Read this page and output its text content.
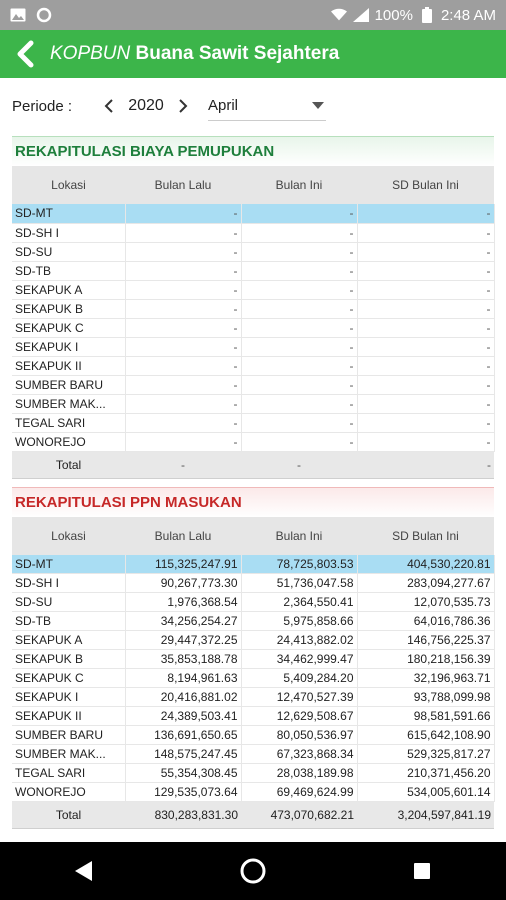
100% 2:48 AM
KOPBUN Buana Sawit Sejahtera
Periode :	2020	April
REKAPITULASI BIAYA PEMUPUKAN
Lokasi	Bulan Lalu	Bulan Ini	SD Bulan Ini
SD-MT	-	-	-
SD-SH I	-	-	-
SD-SU	-	-	-
SD-TB	-	-	-
SEKAPUK A	-	-	-
SEKAPUK B	-	-	-
SEKAPUK C	-	-	-
SEKAPUK I	-	-	-
SEKAPUK II	-	-	-
SUMBER BARU	-	-	-
SUMBER MAK...	-	-	-
TEGAL SARI	-	-	-
WONOREJO	-	-	-
Total	-	-	-
REKAPITULASI PPN MASUKAN
Lokasi	Bulan Lalu	Bulan Ini	SD Bulan Ini
SD-MT	115,325,247.91	78,725,803.53	404,530,220.81
SD-SH I	90,267,773.30	51,736,047.58	283,094,277.67
SD-SU	1,976,368.54	2,364,550.41	12,070,535.73
SD-TB	34,256,254.27	5,975,858.66	64,016,786.36
SEKAPUK A	29,447,372.25	24,413,882.02	146,756,225.37
SEKAPUK B	35,853,188.78	34,462,999.47	180,218,156.39
SEKAPUK C	8,194,961.63	5,409,284.20	32,196,963.71
SEKAPUK I	20,416,881.02	12,470,527.39	93,788,099.98
SEKAPUK II	24,389,503.41	12,629,508.67	98,581,591.66
SUMBER BARU	136,691,650.65	80,050,536.97	615,642,108.90
SUMBER MAK...	148,575,247.45	67,323,868.34	529,325,817.27
TEGAL SARI	55,354,308.45	28,038,189.98	210,371,456.20
WONOREJO	129,535,073.64	69,469,624.99	534,005,601.14
Total	830,283,831.30	473,070,682.21	3,204,597,841.19
